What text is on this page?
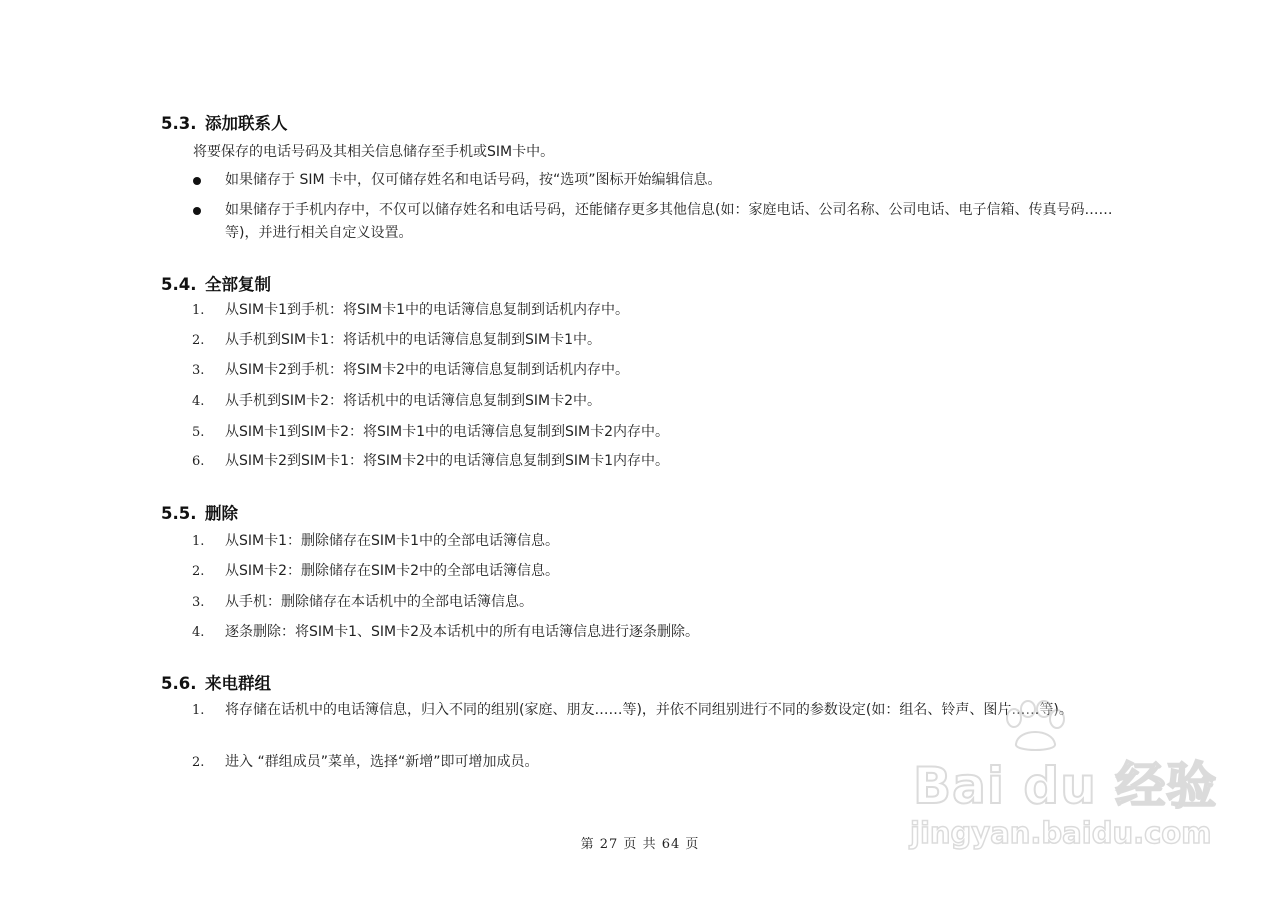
5.3. 添加联系人
将要保存的电话号码及其相关信息储存至手机或SIM卡中。
如果储存于 SIM 卡中，仅可储存姓名和电话号码，按“选项”图标开始编辑信息。
如果储存于手机内存中，不仅可以储存姓名和电话号码，还能储存更多其他信息(如：家庭电话、公司名称、公司电话、电子信箱、传真号码……等)，并进行相关自定义设置。
5.4. 全部复制
1. 从SIM卡1到手机：将SIM卡1中的电话簿信息复制到话机内存中。
2. 从手机到SIM卡1：将话机中的电话簿信息复制到SIM卡1中。
3. 从SIM卡2到手机：将SIM卡2中的电话簿信息复制到话机内存中。
4. 从手机到SIM卡2：将话机中的电话簿信息复制到SIM卡2中。
5. 从SIM卡1到SIM卡2：将SIM卡1中的电话簿信息复制到SIM卡2内存中。
6. 从SIM卡2到SIM卡1：将SIM卡2中的电话簿信息复制到SIM卡1内存中。
5.5. 删除
1. 从SIM卡1：删除储存在SIM卡1中的全部电话簿信息。
2. 从SIM卡2：删除储存在SIM卡2中的全部电话簿信息。
3. 从手机：删除储存在本话机中的全部电话簿信息。
4. 逐条删除：将SIM卡1、SIM卡2及本话机中的所有电话簿信息进行逐条删除。
5.6. 来电群组
1. 将存储在话机中的电话簿信息，归入不同的组别(家庭、朋友……等)，并依不同组别进行不同的参数设定(如：组名、铃声、图片……等)。
2. 进入 “群组成员”菜单，选择“新增”即可增加成员。
第 27 页 共 64 页
Bai du 经验
jingyan.baidu.com
